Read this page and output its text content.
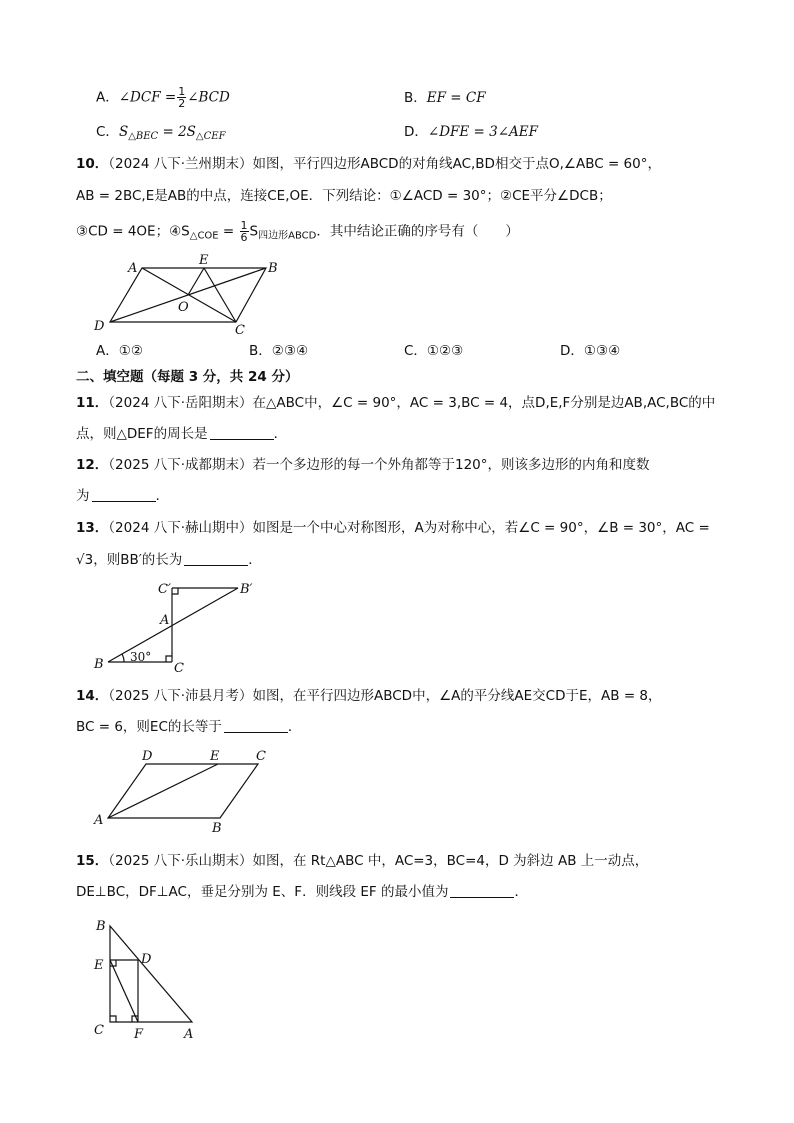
A．∠DCF = $\frac{1}{2}$ ∠BCD	B．EF = CF
C．$S_{\triangle BEC} = 2S_{\triangle CEF}$	D．∠DFE = 3∠AEF
10．（2024 八下·兰州期末）如图，平行四边形ABCD的对角线AC,BD相交于点O,∠ABC = 60°，
AB = 2BC,E是AB的中点，连接CE,OE．下列结论：①∠ACD = 30°；②CE平分∠DCB；
③CD = 4OE；$④S_{\triangle COE} = \frac{1}{6} S_{四边形ABCD}$．其中结论正确的序号有（　　）
A
E
B
O
D	C
A．①②	B．②③④	C．①②③	D．①③④
二、填空题（每题 3 分，共 24 分）
11．（2024 八下·岳阳期末）在△ABC中，∠C = 90°，AC = 3,BC = 4，点D,E,F分别是边AB,AC,BC的中
点，则△DEF的周长是	．
12．（2025 八下·成都期末）若一个多边形的每一个外角都等于120°，则该多边形的内角和度数
为	.
13．（2024 八下·赫山期中）如图是一个中心对称图形，A为对称中心，若∠C = 90°，∠B = 30°，AC =
√3，则BB′的长为	．
C′	B′
A
B 30°
C
14．（2025 八下·沛县月考）如图，在平行四边形ABCD中，∠A的平分线AE交CD于E，AB = 8，
BC = 6，则EC的长等于	．
D	E	C
A
B
15．（2025 八下·乐山期末）如图，在 Rt△ABC 中，AC=3，BC=4，D 为斜边 AB 上一动点，
DE⊥BC，DF⊥AC，垂足分别为 E、F．则线段 EF 的最小值为	．
B
E	D
C F	A
